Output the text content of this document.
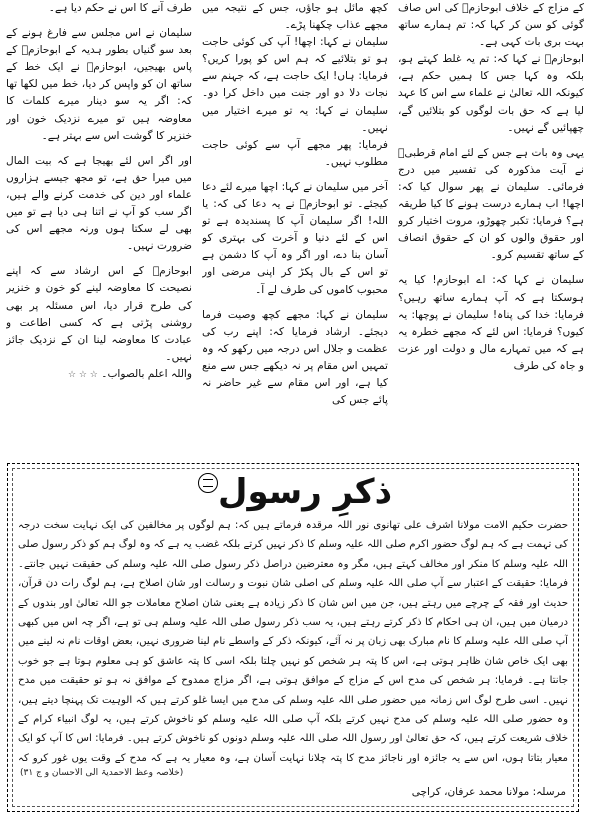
کے مزاج کے خلاف ابوحازمؒ کی اس صاف گوئی کو سن کر کہا کہ: تم ہمارے ساتھ بہت بری بات کہی ہے۔

ابوحازمؒ نے کہا کہ: تم یہ غلط کہتے ہو، بلکہ وہ کہا جس کا ہمیں حکم ہے، کیونکہ اللہ تعالیٰ نے علماء سے اس کا عہد لیا ہے کہ حق بات لوگوں کو بتلائیں گے، چھپائیں گے نہیں۔

یہی وہ بات ہے جس کے لئے امام قرطبیؒ نے آیت مذکورہ کی تفسیر میں درج فرمائی۔ سلیمان نے پھر سوال کیا کہ: اچھا! اب ہمارے درست ہونے کا کیا طریقہ ہے؟ فرمایا: تکبر چھوڑو، مروت اختیار کرو اور حقوق والوں کو ان کے حقوق انصاف کے ساتھ تقسیم کرو۔

سلیمان نے کہا کہ: اے ابوحازم! کیا یہ ہوسکتا ہے کہ آپ ہمارے ساتھ رہیں؟ فرمایا: خدا کی پناہ! سلیمان نے پوچھا: یہ کیوں؟ فرمایا: اس لئے کہ مجھے خطرہ یہ ہے کہ میں تمہارے مال و دولت اور عزت و جاہ کی طرف

کچھ مائل ہو جاؤں، جس کے نتیجہ میں مجھے عذاب چکھنا پڑے۔

سلیمان نے کہا: اچھا! آپ کی کوئی حاجت ہو تو بتلائیے کہ ہم اس کو پورا کریں؟ فرمایا: ہاں! ایک حاجت ہے، کہ جہنم سے نجات دلا دو اور جنت میں داخل کرا دو۔ سلیمان نے کہا: یہ تو میرے اختیار میں نہیں۔

فرمایا: پھر مجھے آپ سے کوئی حاجت مطلوب نہیں۔

آخر میں سلیمان نے کہا: اچھا میرے لئے دعا کیجئے۔ تو ابوحازمؒ نے یہ دعا کی کہ: یا اللہ! اگر سلیمان آپ کا پسندیدہ ہے تو اس کے لئے دنیا و آخرت کی بہتری کو آسان بنا دے، اور اگر وہ آپ کا دشمن ہے تو اس کے بال پکڑ کر اپنی مرضی اور محبوب کاموں کی طرف لے آ۔

سلیمان نے کہا: مجھے کچھ وصیت فرما دیجئے۔ ارشاد فرمایا کہ: اپنے رب کی عظمت و جلال اس درجہ میں رکھو کہ وہ تمہیں اس مقام پر نہ دیکھے جس سے منع کیا ہے، اور اس مقام سے غیر حاضر نہ پائے جس کی

طرف آنے کا اس نے حکم دیا ہے۔

سلیمان نے اس مجلس سے فارغ ہونے کے بعد سو گنیاں بطور ہدیہ کے ابوحازمؒ کے پاس بھیجیں، ابوحازمؒ نے ایک خط کے ساتھ ان کو واپس کر دیا، خط میں لکھا تھا کہ: اگر یہ سو دینار میرے کلمات کا معاوضہ ہیں تو میرے نزدیک خون اور خنزیر کا گوشت اس سے بہتر ہے۔

اور اگر اس لئے بھیجا ہے کہ بیت المال میں میرا حق ہے، تو مجھ جیسے ہزاروں علماء اور دین کی خدمت کرنے والے ہیں، اگر سب کو آپ نے اتنا ہی دیا ہے تو میں بھی لے سکتا ہوں ورنہ مجھے اس کی ضرورت نہیں۔

ابوحازمؒ کے اس ارشاد سے کہ اپنے نصیحت کا معاوضہ لینے کو خون و خنزیر کی طرح قرار دیا، اس مسئلہ پر بھی روشنی پڑتی ہے کہ کسی اطاعت و عبادت کا معاوضہ لینا ان کے نزدیک جائز نہیں۔

واللہ اعلم بالصواب۔ ☆ ☆ ☆

ذکرِ رسول

حضرت حکیم الامت مولانا اشرف علی تھانوی نور اللہ مرقدہ فرماتے ہیں کہ: ہم لوگوں پر مخالفین کی ایک نہایت سخت درجہ کی تہمت ہے کہ ہم لوگ حضور اکرم صلی اللہ علیہ وسلم کا ذکر نہیں کرتے بلکہ غضب یہ ہے کہ وہ لوگ ہم کو ذکر رسول صلی اللہ علیہ وسلم کا منکر اور مخالف کہتے ہیں، مگر وہ معترضین دراصل ذکر رسول صلی اللہ علیہ وسلم کی حقیقت نہیں جانتے۔ فرمایا: حقیقت کے اعتبار سے آپ صلی اللہ علیہ وسلم کی اصلی شان نبوت و رسالت اور شان اصلاح ہے، ہم لوگ رات دن قرآن، حدیث اور فقہ کے چرچے میں رہتے ہیں، جن میں اس شان کا ذکر زیادہ ہے یعنی شان اصلاح معاملات جو اللہ تعالیٰ اور بندوں کے درمیان میں ہیں، ان ہی احکام کا ذکر کرتے رہتے ہیں، یہ سب ذکر رسول صلی اللہ علیہ وسلم ہی تو ہے، اگر چہ اس میں کبھی آپ صلی اللہ علیہ وسلم کا نام مبارک بھی زبان پر نہ آئے، کیونکہ ذکر کے واسطے نام لینا ضروری نہیں، بعض اوقات نام نہ لینے میں بھی ایک خاص شان ظاہر ہوتی ہے، اس کا پتہ ہر شخص کو نہیں چلتا بلکہ اسی کا پتہ عاشق کو ہی معلوم ہوتا ہے جو خوب جانتا ہے۔ فرمایا: ہر شخص کی مدح اس کے مزاج کے موافق ہوتی ہے، اگر مزاج ممدوح کے موافق نہ ہو تو حقیقت میں مدح نہیں۔ اسی طرح لوگ اس زمانہ میں حضور صلی اللہ علیہ وسلم کی مدح میں ایسا غلو کرتے ہیں کہ الوہیت تک پہنچا دیتے ہیں، وہ حضور صلی اللہ علیہ وسلم کی مدح نہیں کرتے بلکہ آپ صلی اللہ علیہ وسلم کو ناخوش کرتے ہیں، یہ لوگ انبیاء کرام کے خلاف شریعت کرتے ہیں، کہ حق تعالیٰ اور رسول اللہ صلی اللہ علیہ وسلم دونوں کو ناخوش کرتے ہیں۔ فرمایا: اس کا آپ کو ایک معیار بتاتا ہوں، اس سے یہ جائزہ اور ناجائز مدح کا پتہ چلانا نہایت آسان ہے، وہ معیار یہ ہے کہ مدح کے وقت یوں غور کرو کہ

(خلاصہ وعظ الاحمدیۃ الی الاحسان و ج ۳۱)
مرسلہ: مولانا محمد عرفان، کراچی
